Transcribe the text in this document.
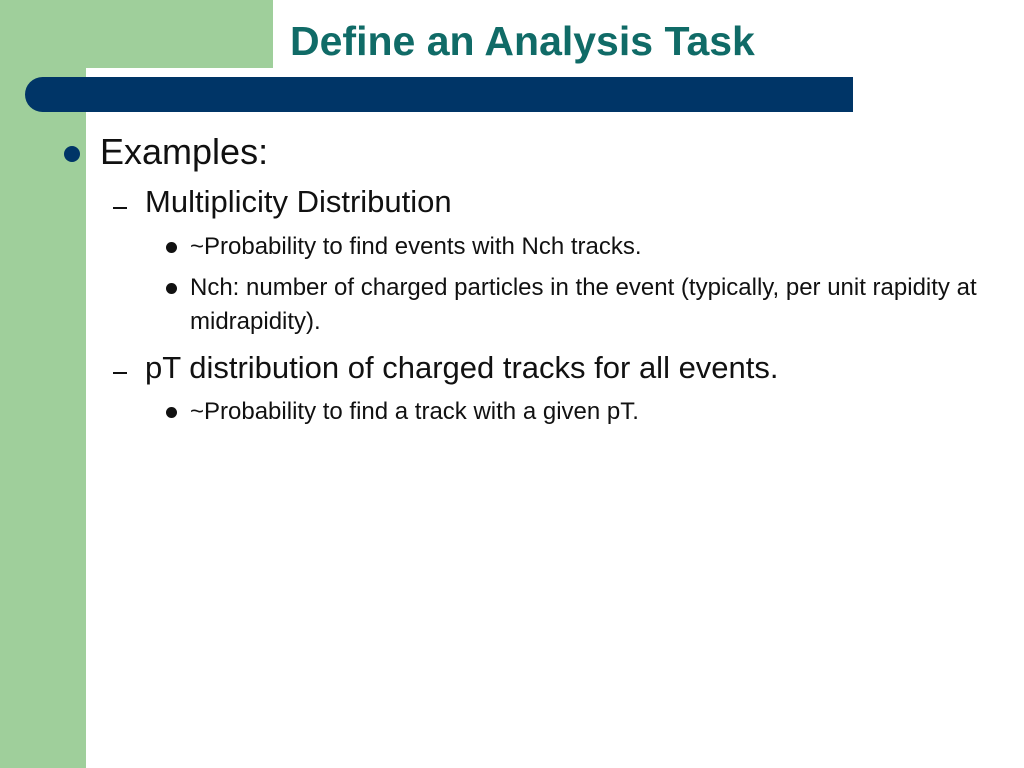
Define an Analysis Task
Examples:
Multiplicity Distribution
~Probability to find events with Nch tracks.
Nch: number of charged particles in the event (typically, per unit rapidity at midrapidity).
pT distribution of charged tracks for all events.
~Probability to find a track with a given pT.
